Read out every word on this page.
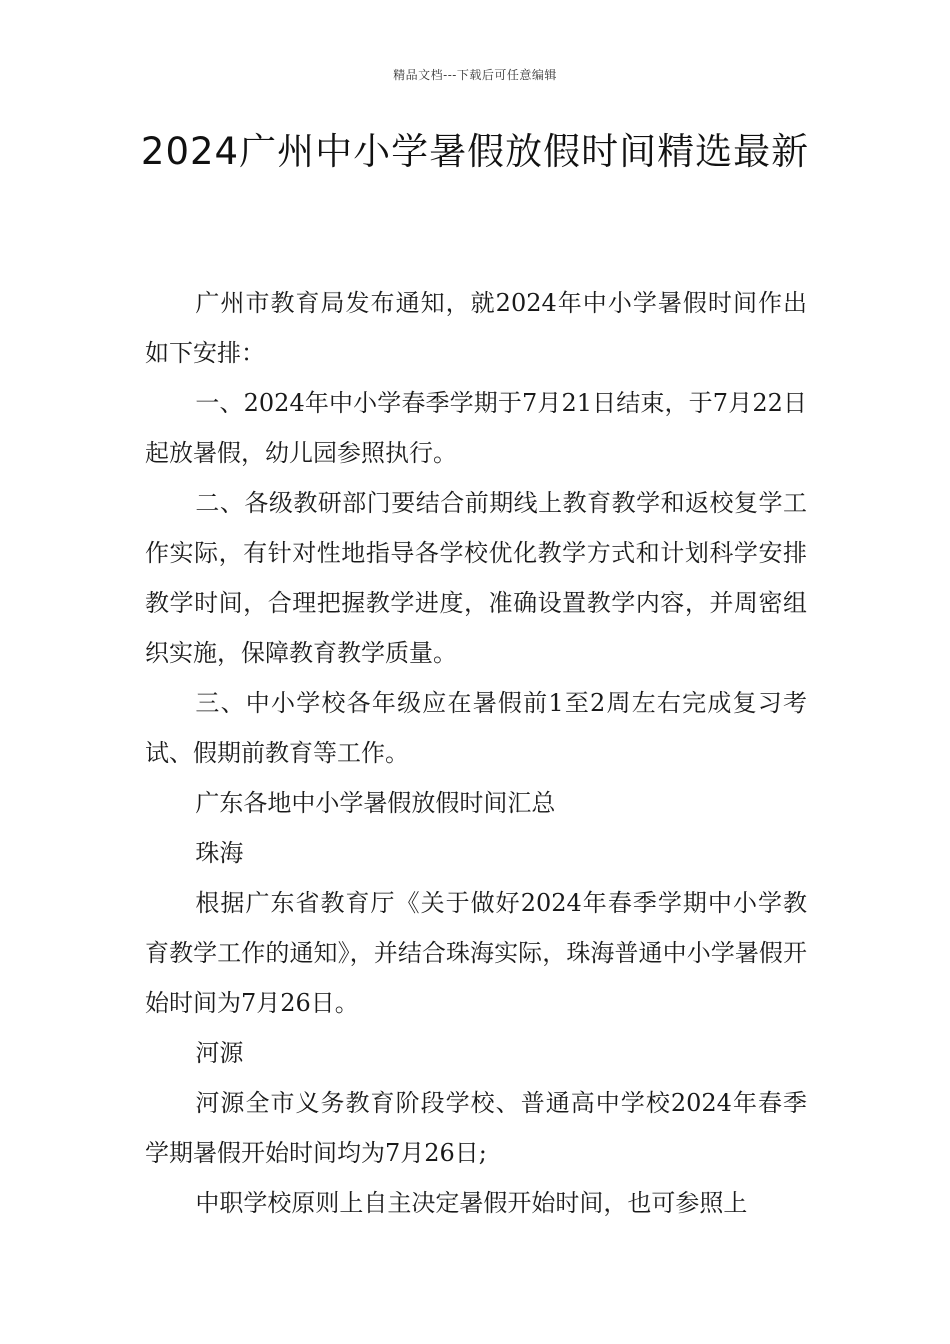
精品文档---下载后可任意编辑
2024广州中小学暑假放假时间精选最新

广州市教育局发布通知，就2024年中小学暑假时间作出如下安排：

一、2024年中小学春季学期于7月21日结束，于7月22日起放暑假，幼儿园参照执行。

二、各级教研部门要结合前期线上教育教学和返校复学工作实际，有针对性地指导各学校优化教学方式和计划科学安排教学时间，合理把握教学进度，准确设置教学内容，并周密组织实施，保障教育教学质量。

三、中小学校各年级应在暑假前1至2周左右完成复习考试、假期前教育等工作。

广东各地中小学暑假放假时间汇总

珠海

根据广东省教育厅《关于做好2024年春季学期中小学教育教学工作的通知》，并结合珠海实际，珠海普通中小学暑假开始时间为7月26日。

河源

河源全市义务教育阶段学校、普通高中学校2024年春季学期暑假开始时间均为7月26日;

中职学校原则上自主决定暑假开始时间，也可参照上
